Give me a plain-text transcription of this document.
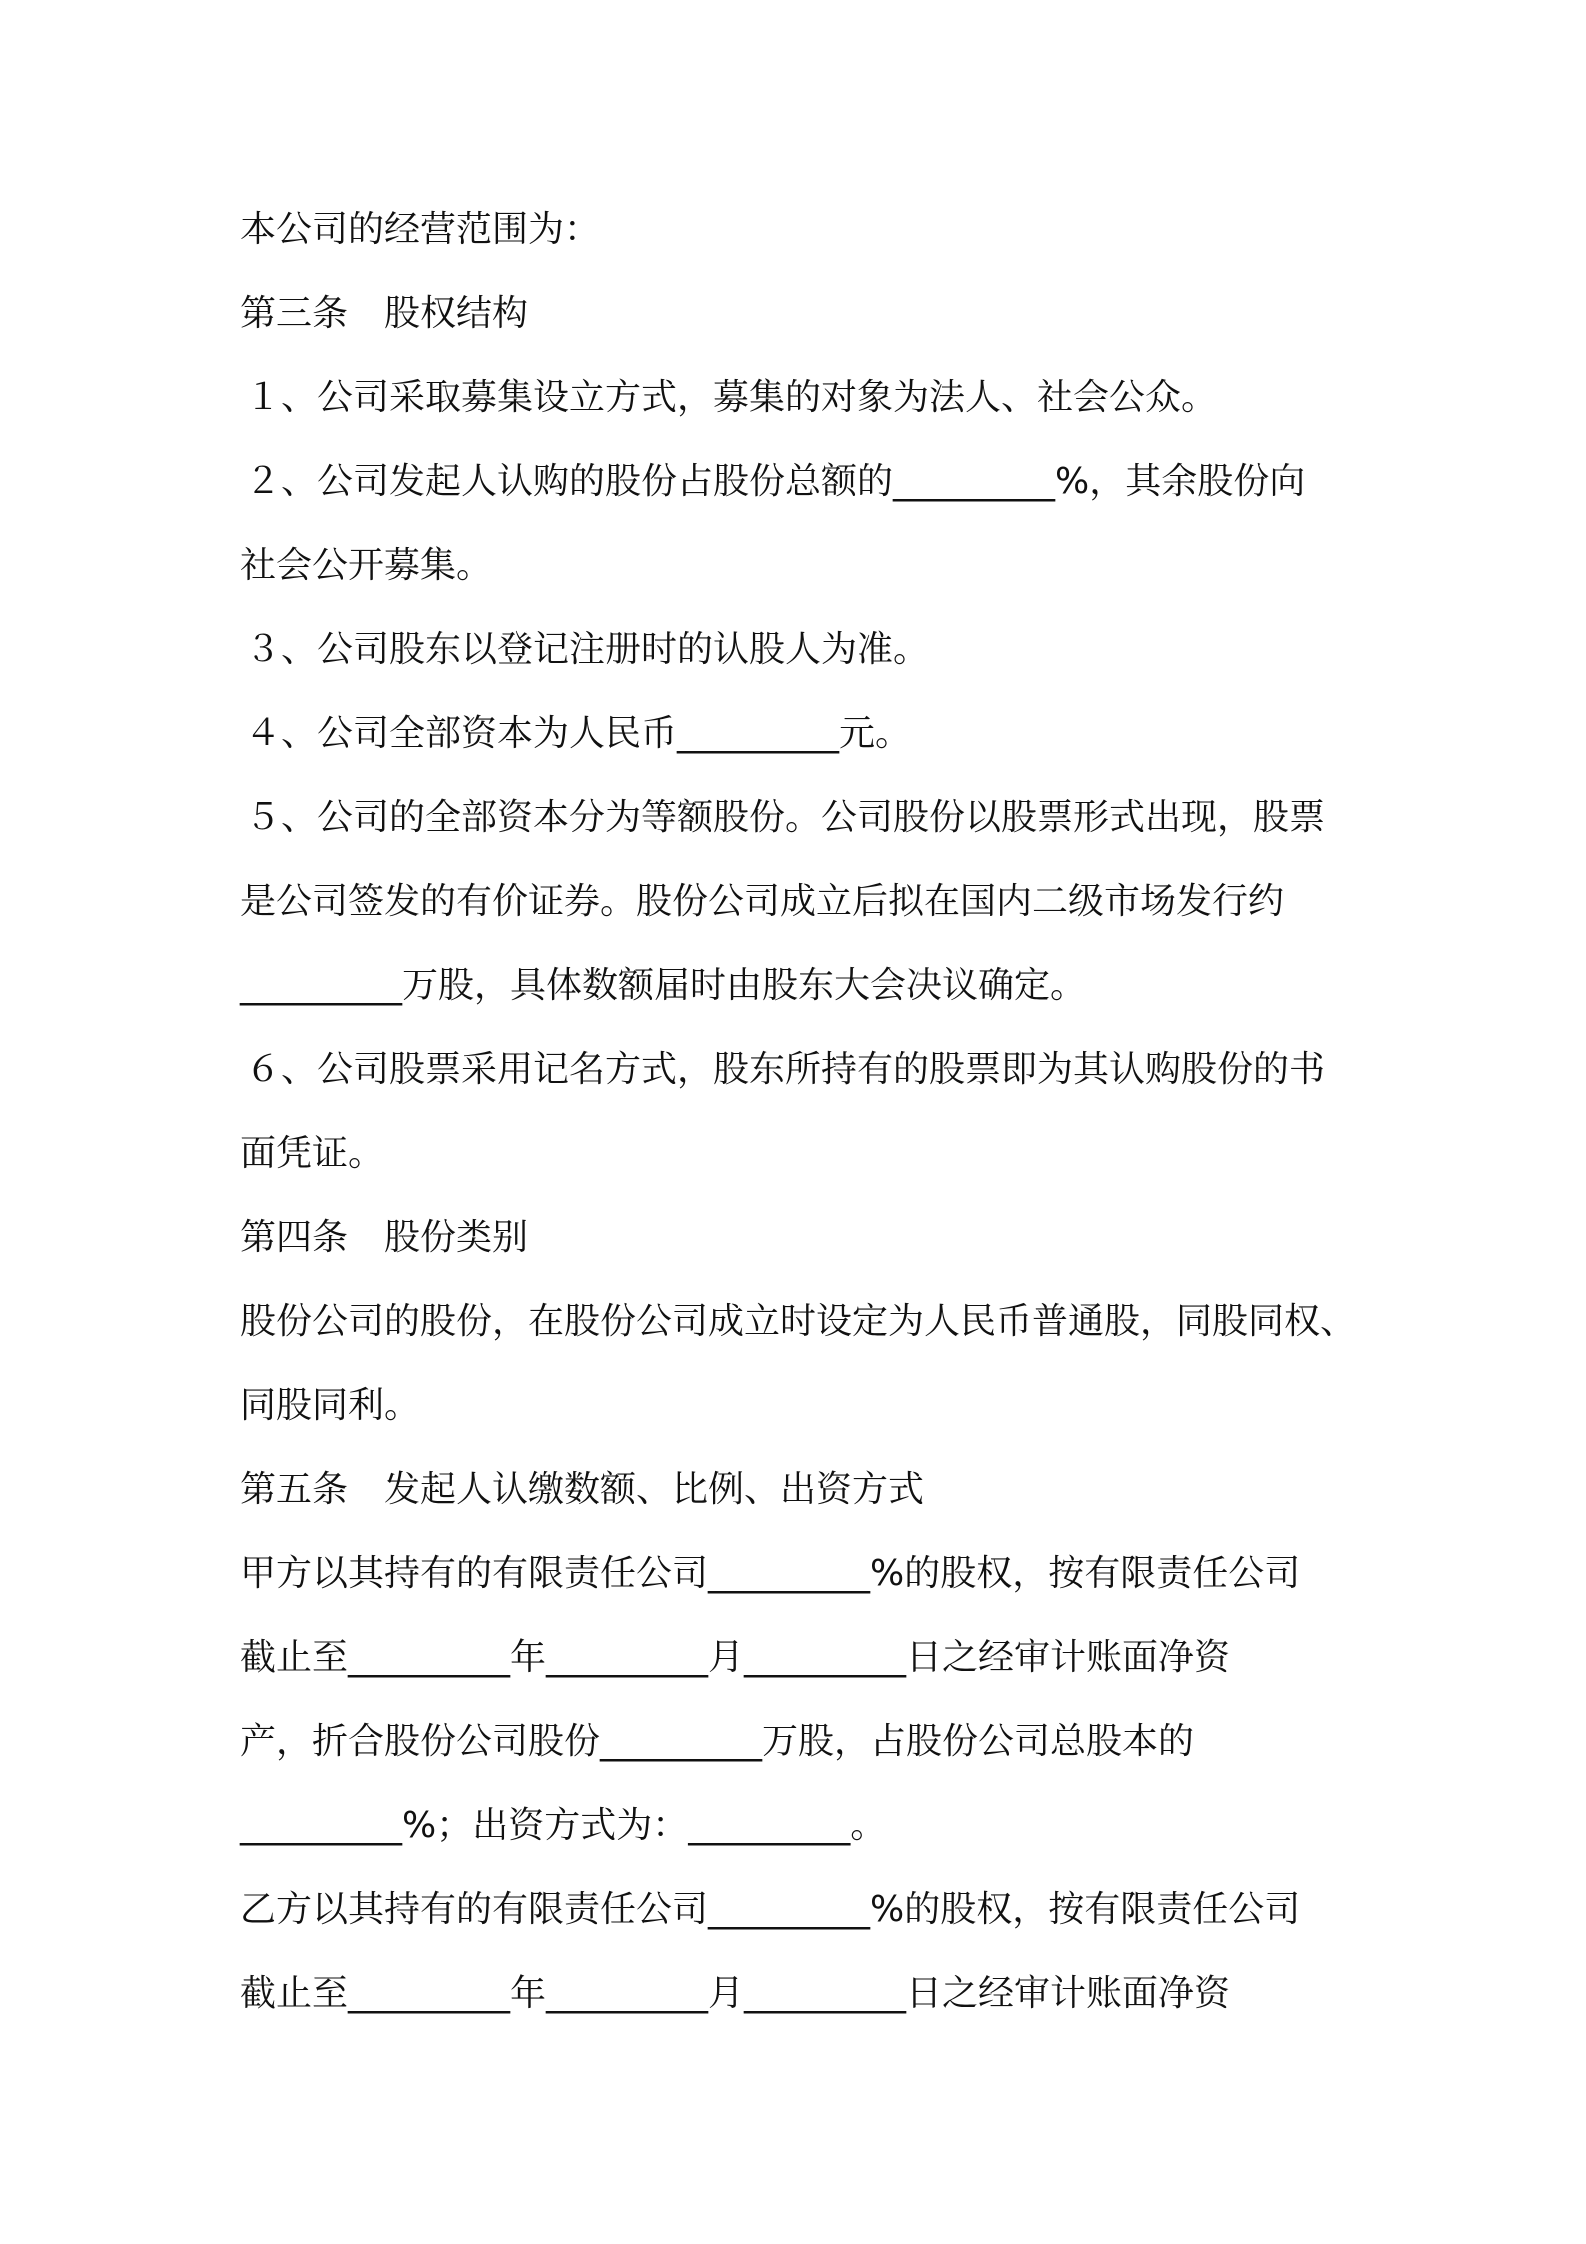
本公司的经营范围为：
第三条　股权结构
１、公司采取募集设立方式，募集的对象为法人、社会公众。
２、公司发起人认购的股份占股份总额的_________%，其余股份向
社会公开募集。
３、公司股东以登记注册时的认股人为准。
４、公司全部资本为人民币_________元。
５、公司的全部资本分为等额股份。公司股份以股票形式出现，股票
是公司签发的有价证券。股份公司成立后拟在国内二级市场发行约
_________万股，具体数额届时由股东大会决议确定。
６、公司股票采用记名方式，股东所持有的股票即为其认购股份的书
面凭证。
第四条　股份类别
股份公司的股份，在股份公司成立时设定为人民币普通股，同股同权、
同股同利。
第五条　发起人认缴数额、比例、出资方式
甲方以其持有的有限责任公司_________%的股权，按有限责任公司
截止至_________年_________月_________日之经审计账面净资
产，折合股份公司股份_________万股，占股份公司总股本的
_________%；出资方式为：_________。
乙方以其持有的有限责任公司_________%的股权，按有限责任公司
截止至_________年_________月_________日之经审计账面净资
